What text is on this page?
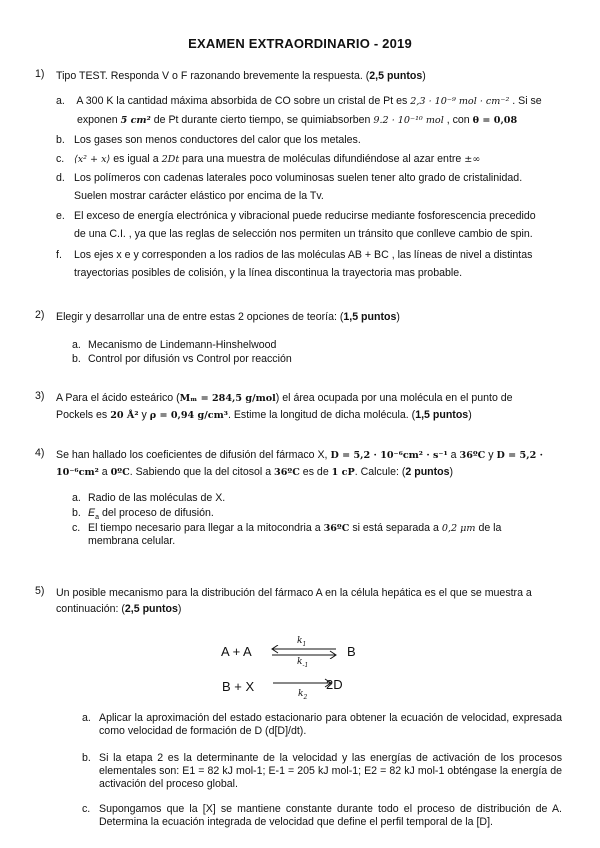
EXAMEN EXTRAORDINARIO - 2019
1) Tipo TEST. Responda V o F razonando brevemente la respuesta. (2,5 puntos)
a. A 300 K la cantidad máxima absorbida de CO sobre un cristal de Pt es 2,3 · 10⁻⁹ mol · cm⁻² . Si se
exponen 5 cm² de Pt durante cierto tiempo, se quimiabsorben 9.2 · 10⁻¹⁰ mol , con θ = 0,08
b. Los gases son menos conductores del calor que los metales.
c. ⟨x² + x⟩ es igual a 2Dt para una muestra de moléculas difundiéndose al azar entre ±∞
d. Los polímeros con cadenas laterales poco voluminosas suelen tener alto grado de cristalinidad.
Suelen mostrar carácter elástico por encima de la Tv.
e. El exceso de energía electrónica y vibracional puede reducirse mediante fosforescencia precedido
de una C.I. , ya que las reglas de selección nos permiten un tránsito que conlleve cambio de spin.
f. Los ejes x e y corresponden a los radios de las moléculas AB + BC , las líneas de nivel a distintas
trayectorias posibles de colisión, y la línea discontinua la trayectoria mas probable.
2) Elegir y desarrollar una de entre estas 2 opciones de teoría: (1,5 puntos)
a. Mecanismo de Lindemann-Hinshelwood
b. Control por difusión vs Control por reacción
3) A Para el ácido esteárico (Mₘ = 284,5 g/mol) el área ocupada por una molécula en el punto de
Pockels es 20 Å² y ρ = 0,94 g/cm³. Estime la longitud de dicha molécula. (1,5 puntos)
4) Se han hallado los coeficientes de difusión del fármaco X, D = 5,2 · 10⁻⁶cm² · s⁻¹ a 36ºC y D = 5,2 ·
10⁻⁶cm² a 0ºC. Sabiendo que la del citosol a 36ºC es de 1 cP. Calcule: (2 puntos)
a. Radio de las moléculas de X.
b. $E_a$ del proceso de difusión.
c. El tiempo necesario para llegar a la mitocondria a 36ºC si está separada a 0,2 μm de la
membrana celular.
5) Un posible mecanismo para la distribución del fármaco A en la célula hepática es el que se muestra a
continuación: (2,5 puntos)
A + A
$k_1$
$k_{-1}$
B
B + X	$k_2$
2D
a. Aplicar la aproximación del estado estacionario para obtener la ecuación de velocidad, expresada como velocidad de formación de D (d[D]/dt).
b. Si la etapa 2 es la determinante de la velocidad y las energías de activación de los procesos elementales son: E1 = 82 kJ mol-1; E-1 = 205 kJ mol-1; E2 = 82 kJ mol-1 obténgase la energía de activación del proceso global.
c. Supongamos que la [X] se mantiene constante durante todo el proceso de distribución de A. Determina la ecuación integrada de velocidad que define el perfil temporal de la [D].
